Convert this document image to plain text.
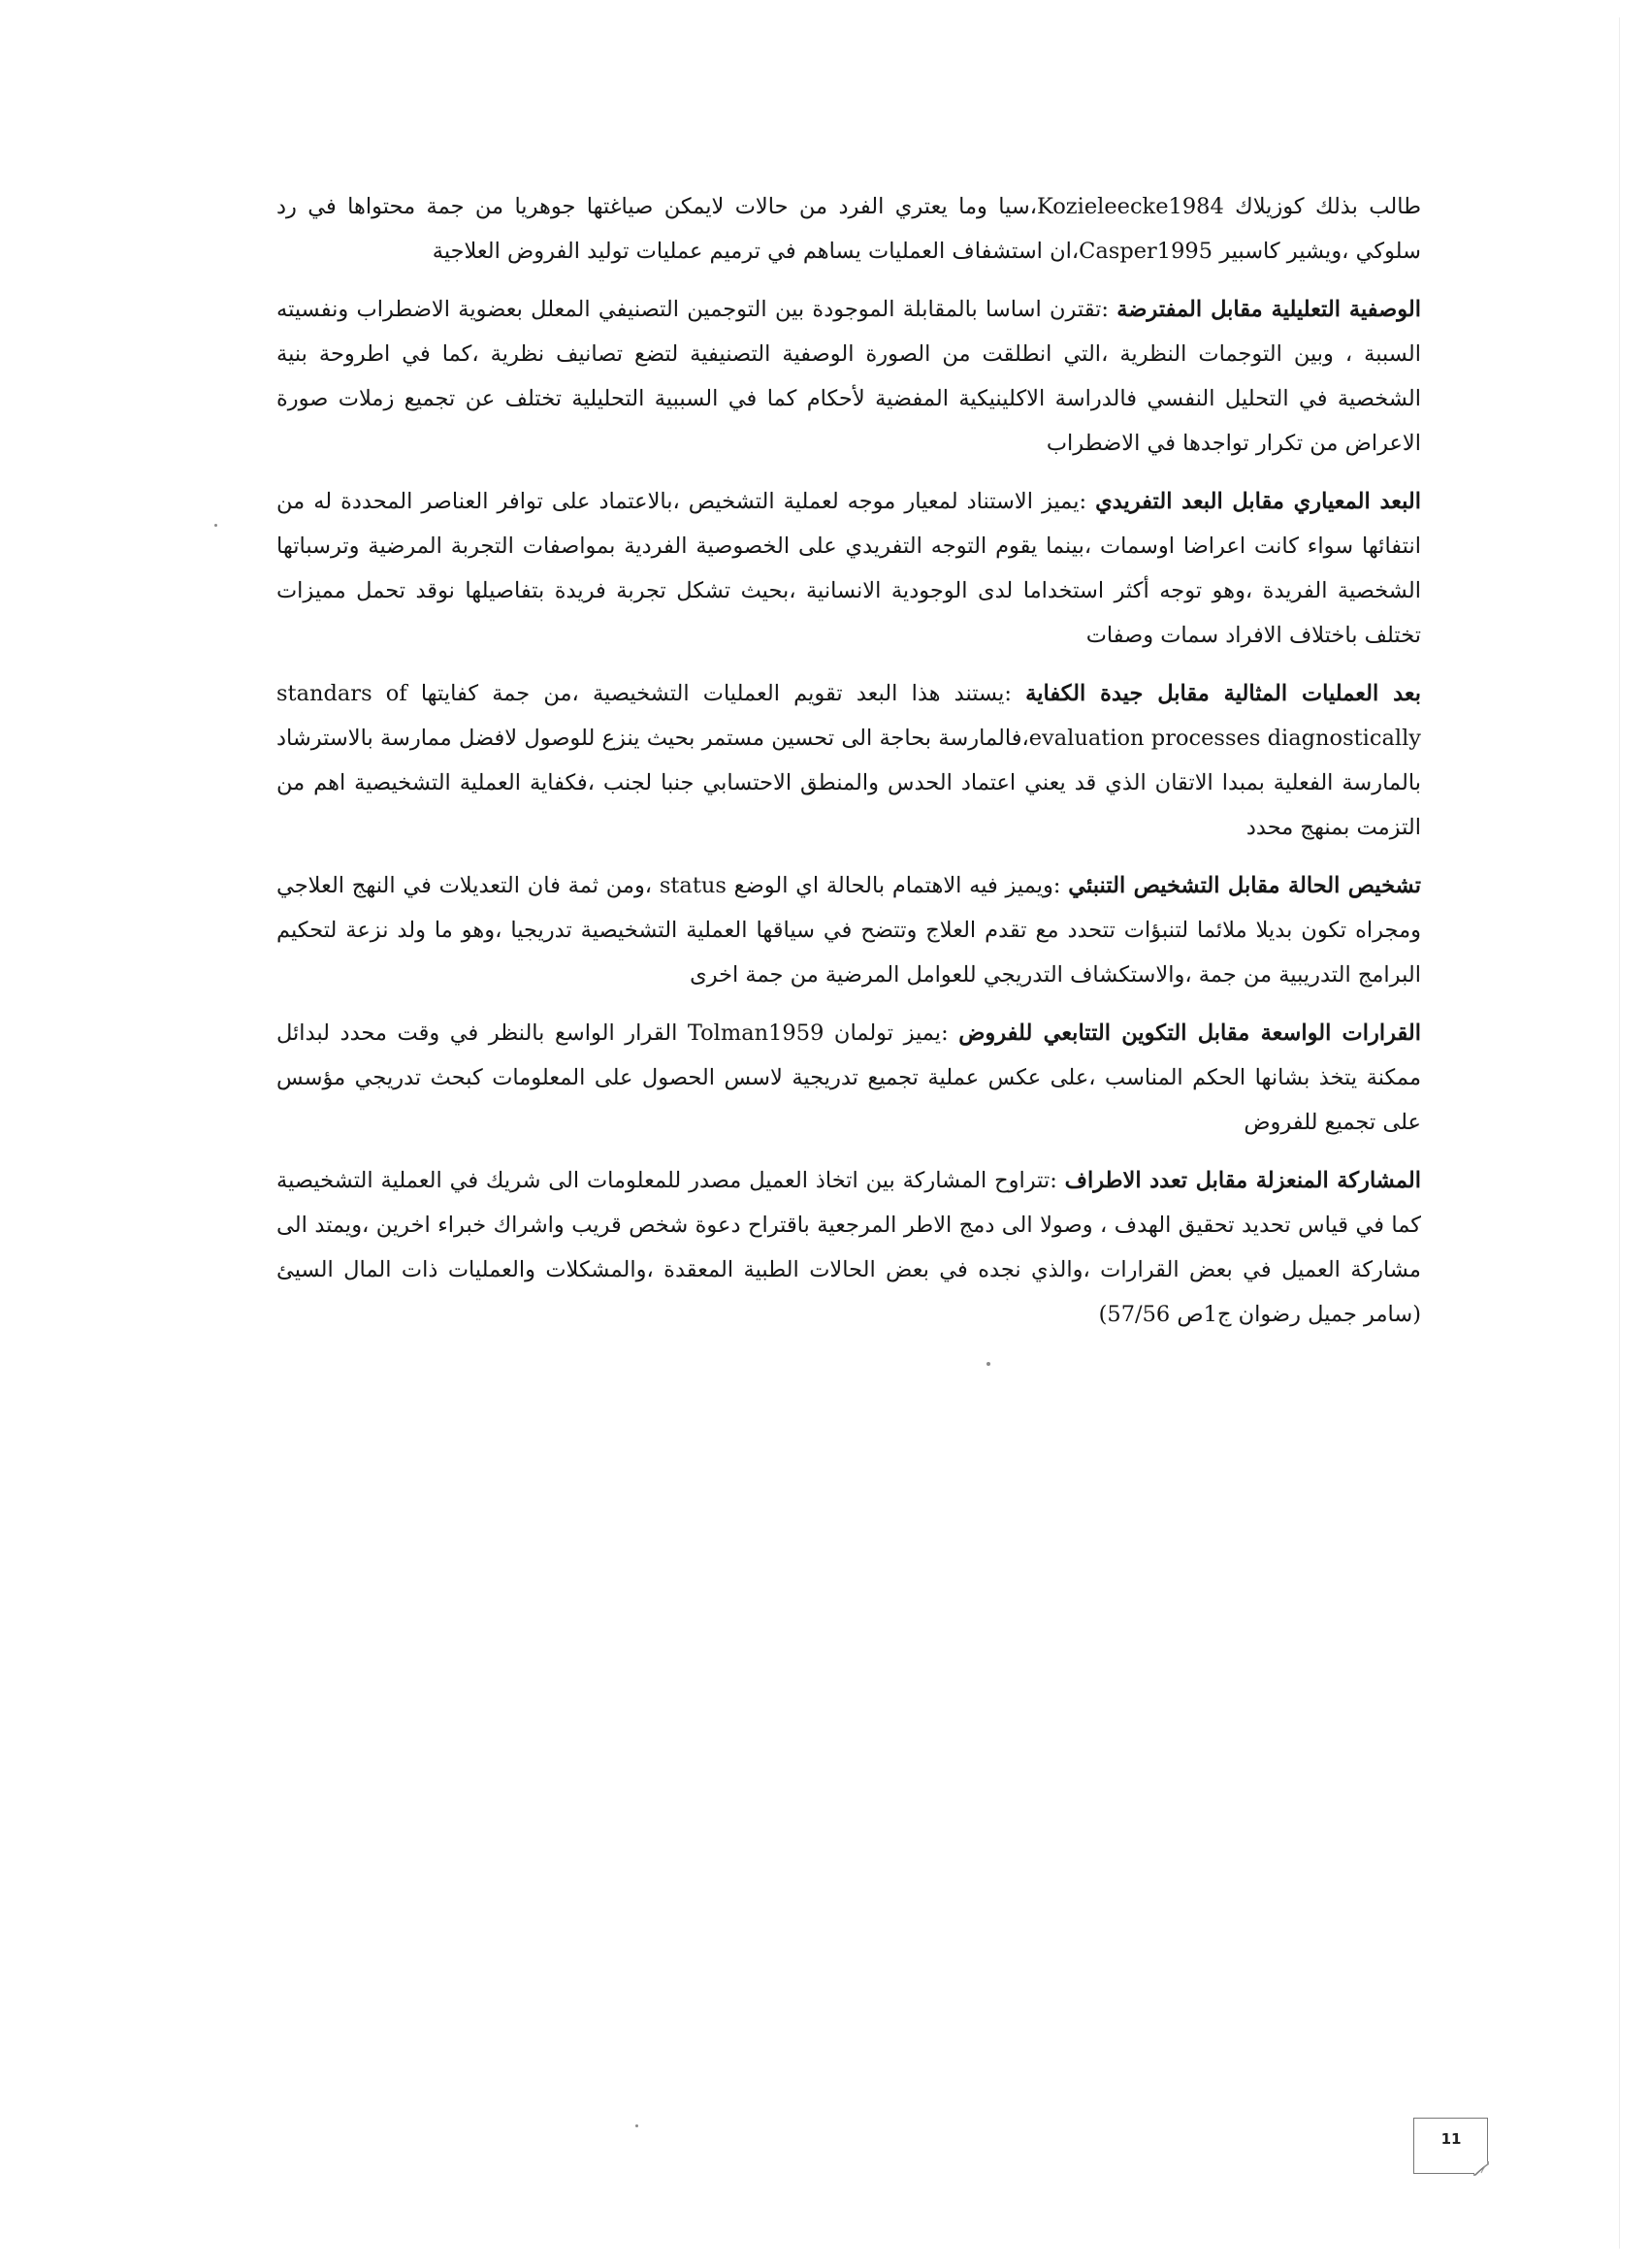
طالب بذلك كوزيلاك Kozieleecke1984،سيا وما يعتري الفرد من حالات لايمكن صياغتها جوهريا من جمة محتواها في رد سلوكي ،ويشير كاسبير Casper1995،ان استشفاف العمليات يساهم في ترميم عمليات توليد الفروض العلاجية

الوصفية التعليلية مقابل المفترضة :تقترن اساسا بالمقابلة الموجودة بين التوجمين التصنيفي المعلل بعضوية الاضطراب ونفسيته السببة ، وبين التوجمات النظرية ،التي انطلقت من الصورة الوصفية التصنيفية لتضع تصانيف نظرية ،كما في اطروحة بنية الشخصية في التحليل النفسي فالدراسة الاكلينيكية المفضية لأحكام كما في السببية التحليلية تختلف عن تجميع زملات صورة الاعراض من تكرار تواجدها في الاضطراب

البعد المعياري مقابل البعد التفريدي :يميز الاستناد لمعيار موجه لعملية التشخيص ،بالاعتماد على توافر العناصر المحددة له من انتفائها سواء كانت اعراضا اوسمات ،بينما يقوم التوجه التفريدي على الخصوصية الفردية بمواصفات التجربة المرضية وترسباتها الشخصية الفريدة ،وهو توجه أكثر استخداما لدى الوجودية الانسانية ،بحيث تشكل تجربة فريدة بتفاصيلها نوقد تحمل مميزات تختلف باختلاف الافراد سمات وصفات

بعد العمليات المثالية مقابل جيدة الكفاية :يستند هذا البعد تقويم العمليات التشخيصية ،من جمة كفايتها standars of evaluation processes diagnostically،فالمارسة بحاجة الى تحسين مستمر بحيث ينزع للوصول لافضل ممارسة بالاسترشاد بالمارسة الفعلية بمبدا الاتقان الذي قد يعني اعتماد الحدس والمنطق الاحتسابي جنبا لجنب ،فكفاية العملية التشخيصية اهم من التزمت بمنهج محدد

تشخيص الحالة مقابل التشخيص التنبئي :ويميز فيه الاهتمام بالحالة اي الوضع status ،ومن ثمة فان التعديلات في النهج العلاجي ومجراه تكون بديلا ملائما لتنبؤات تتحدد مع تقدم العلاج وتتضح في سياقها العملية التشخيصية تدريجيا ،وهو ما ولد نزعة لتحكيم البرامج التدريبية من جمة ،والاستكشاف التدريجي للعوامل المرضية من جمة اخرى

القرارات الواسعة مقابل التكوين التتابعي للفروض :يميز تولمان Tolman1959 القرار الواسع بالنظر في وقت محدد لبدائل ممكنة يتخذ بشانها الحكم المناسب ،على عكس عملية تجميع تدريجية لاسس الحصول على المعلومات كبحث تدريجي مؤسس على تجميع للفروض

المشاركة المنعزلة مقابل تعدد الاطراف :تتراوح المشاركة بين اتخاذ العميل مصدر للمعلومات الى شريك في العملية التشخيصية كما في قياس تحديد تحقيق الهدف ، وصولا الى دمج الاطر المرجعية باقتراح دعوة شخص قريب واشراك خبراء اخرين ،ويمتد الى مشاركة العميل في بعض القرارات ،والذي نجده في بعض الحالات الطبية المعقدة ،والمشكلات والعمليات ذات المال السيئ (سامر جميل رضوان ج1ص 57/56)

11
